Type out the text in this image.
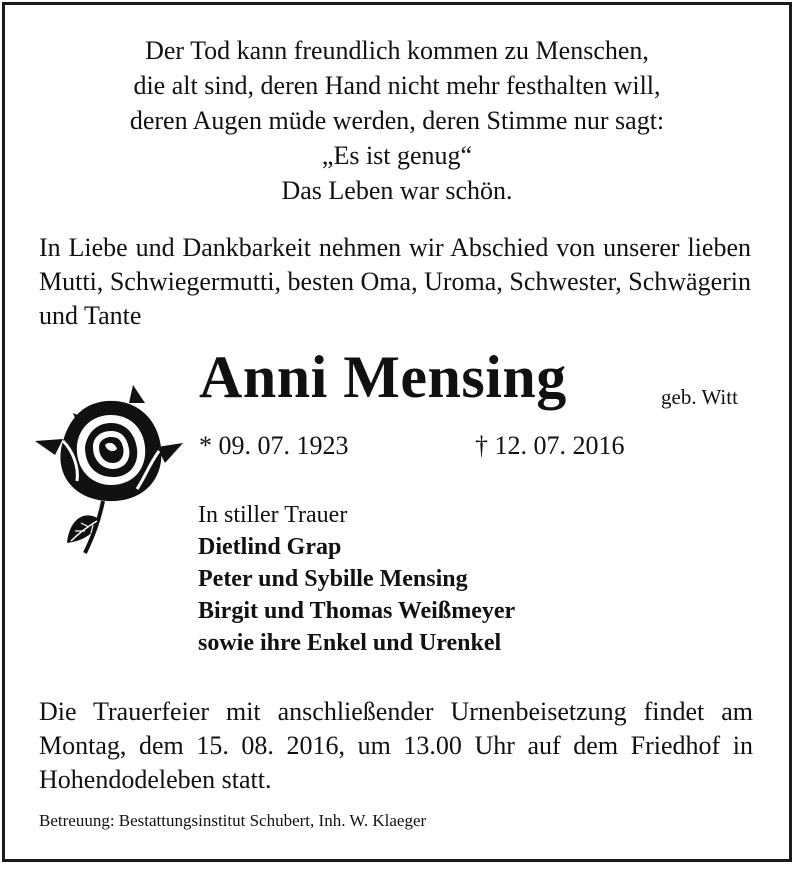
Der Tod kann freundlich kommen zu Menschen,
die alt sind, deren Hand nicht mehr festhalten will,
deren Augen müde werden, deren Stimme nur sagt:
„Es ist genug“
Das Leben war schön.
In Liebe und Dankbarkeit nehmen wir Abschied von unserer lieben Mutti, Schwiegermutti, besten Oma, Uroma, Schwester, Schwägerin und Tante
Anni Mensing	geb. Witt
* 09. 07. 1923	† 12. 07. 2016
In stiller Trauer
Dietlind Grap
Peter und Sybille Mensing
Birgit und Thomas Weißmeyer
sowie ihre Enkel und Urenkel
Die Trauerfeier mit anschließender Urnenbeisetzung findet am Montag, dem 15. 08. 2016, um 13.00 Uhr auf dem Friedhof in Hohendodeleben statt.
Betreuung: Bestattungsinstitut Schubert, Inh. W. Klaeger
